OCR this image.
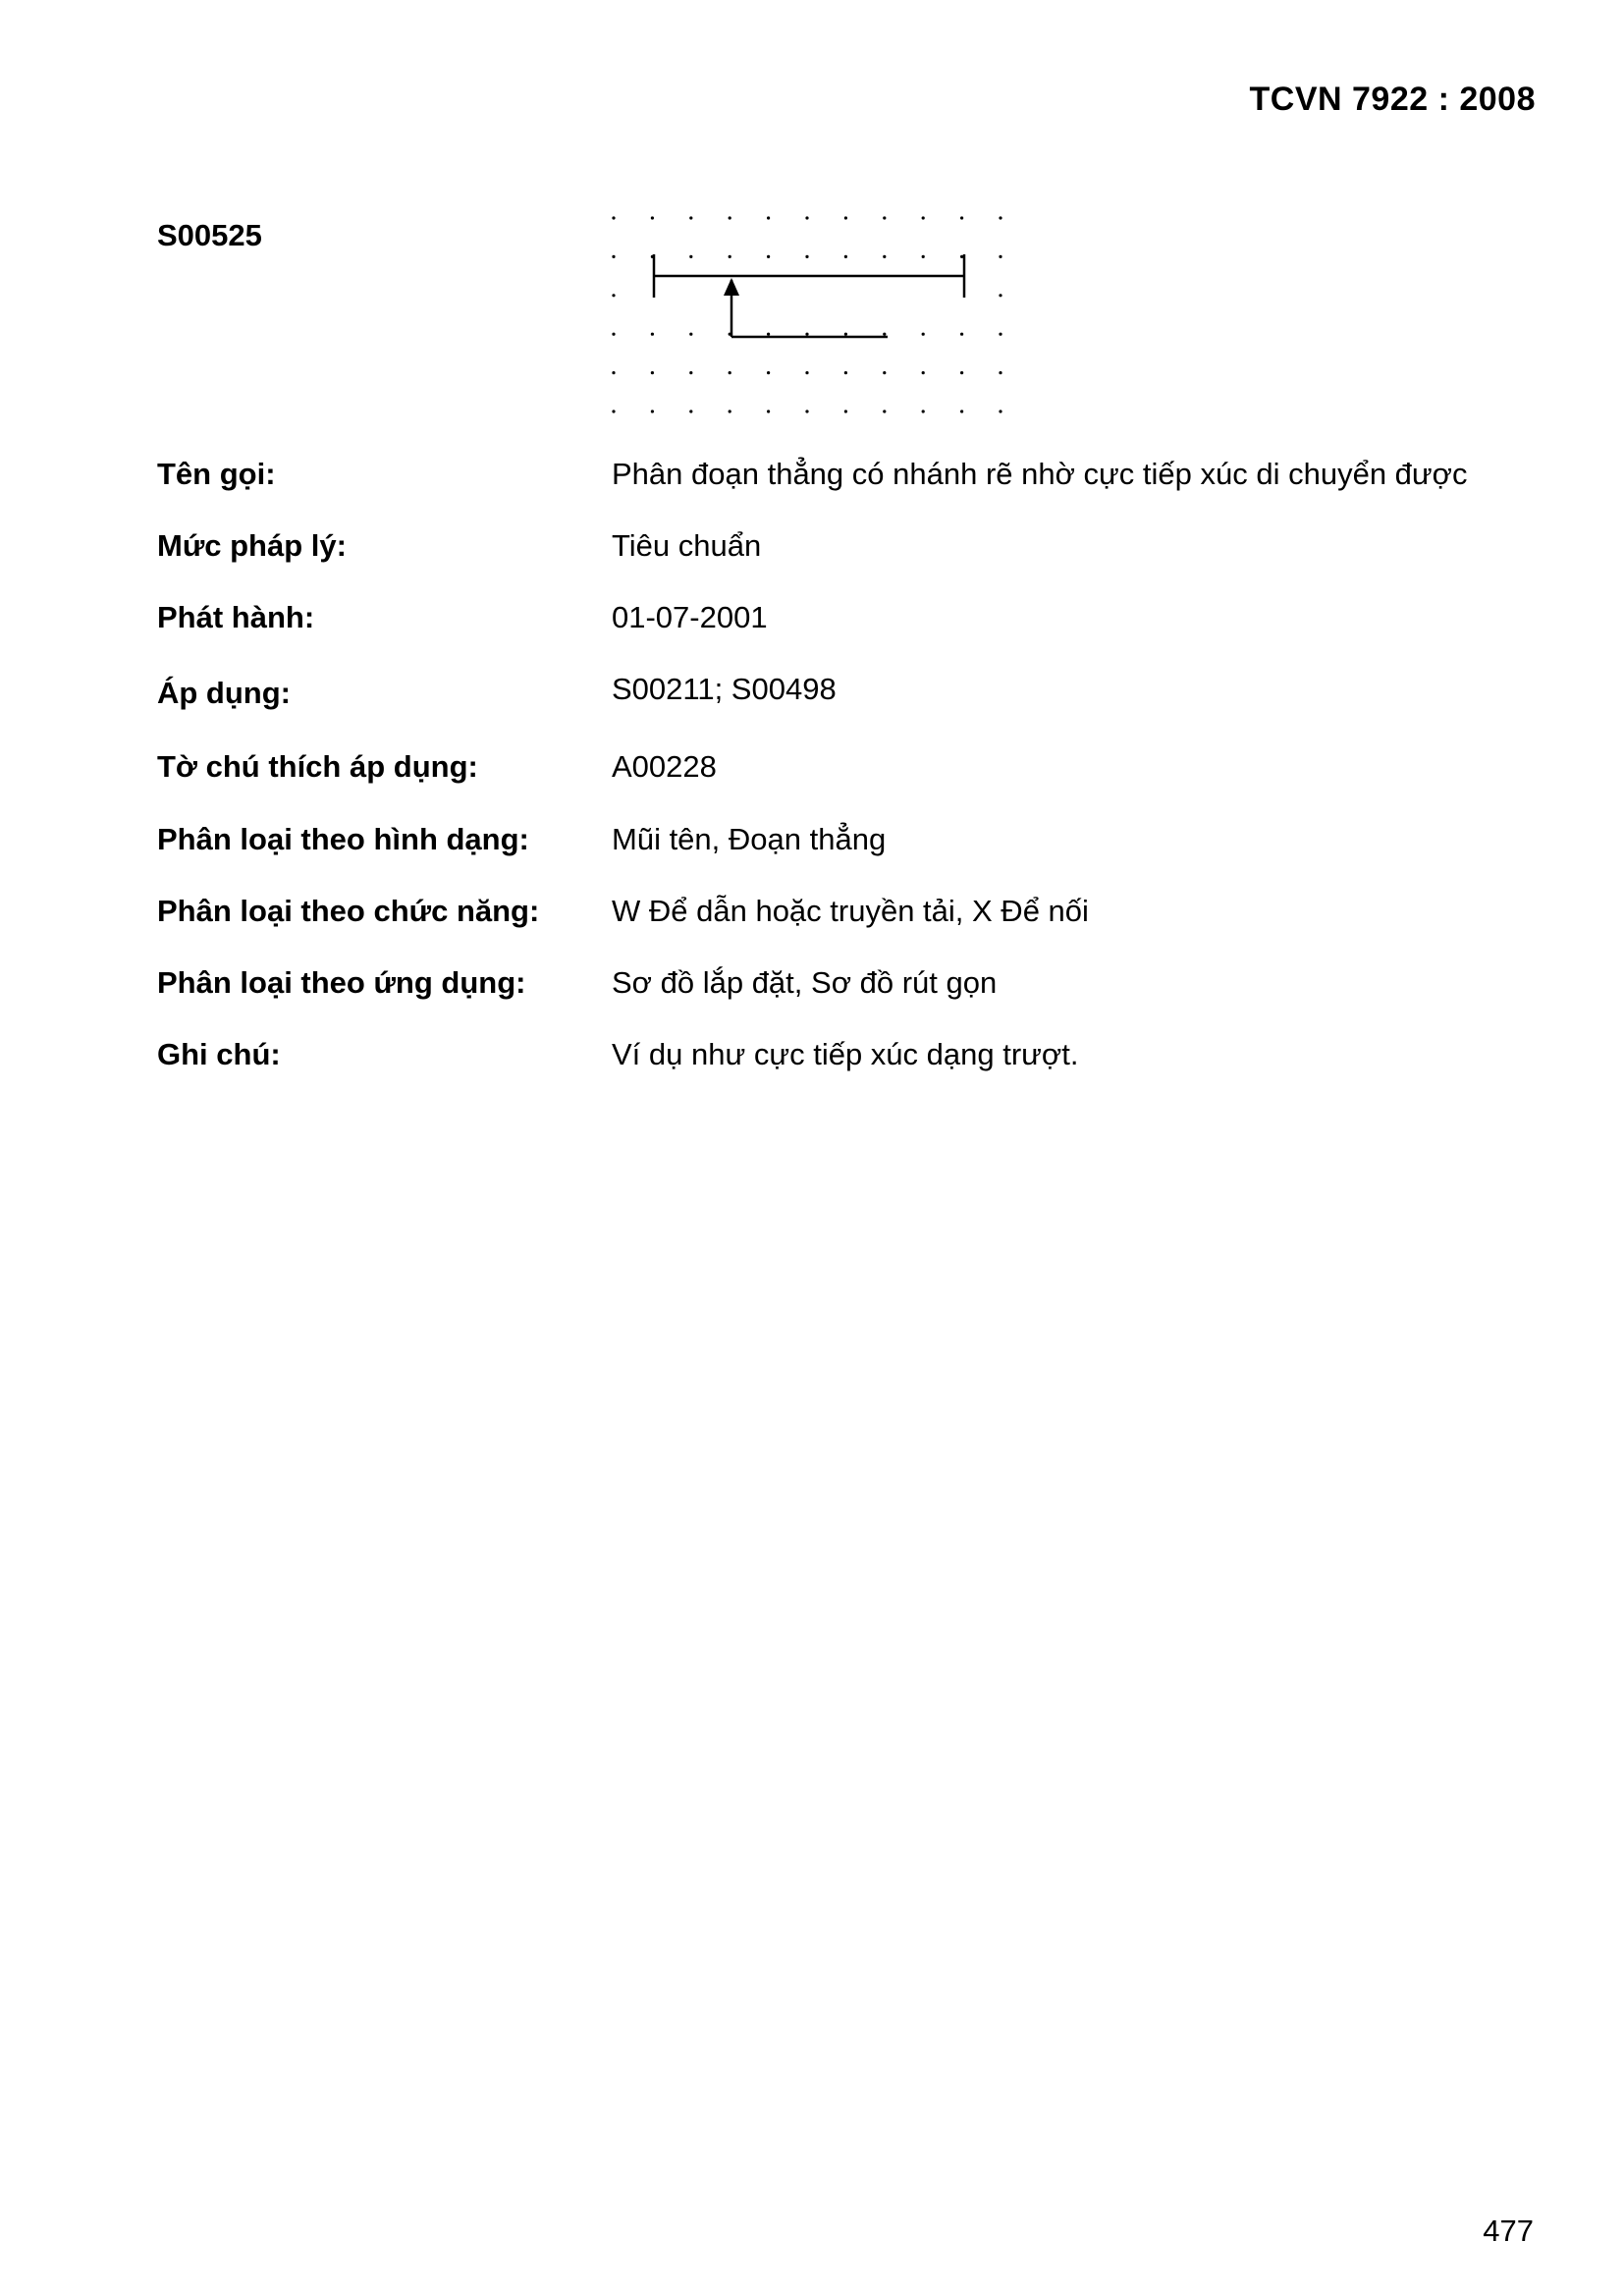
TCVN 7922 : 2008
S00525
Tên gọi:	Phân đoạn thẳng có nhánh rẽ nhờ cực tiếp xúc di chuyển được
Mức pháp lý:	Tiêu chuẩn
Phát hành:	01-07-2001
Áp dụng:	S00211; S00498
Tờ chú thích áp dụng:	A00228
Phân loại theo hình dạng:	Mũi tên, Đoạn thẳng
Phân loại theo chức năng: W Để dẫn hoặc truyền tải, X Để nối
Phân loại theo ứng dụng:	Sơ đồ lắp đặt, Sơ đồ rút gọn
Ghi chú:	Ví dụ như cực tiếp xúc dạng trượt.
477
